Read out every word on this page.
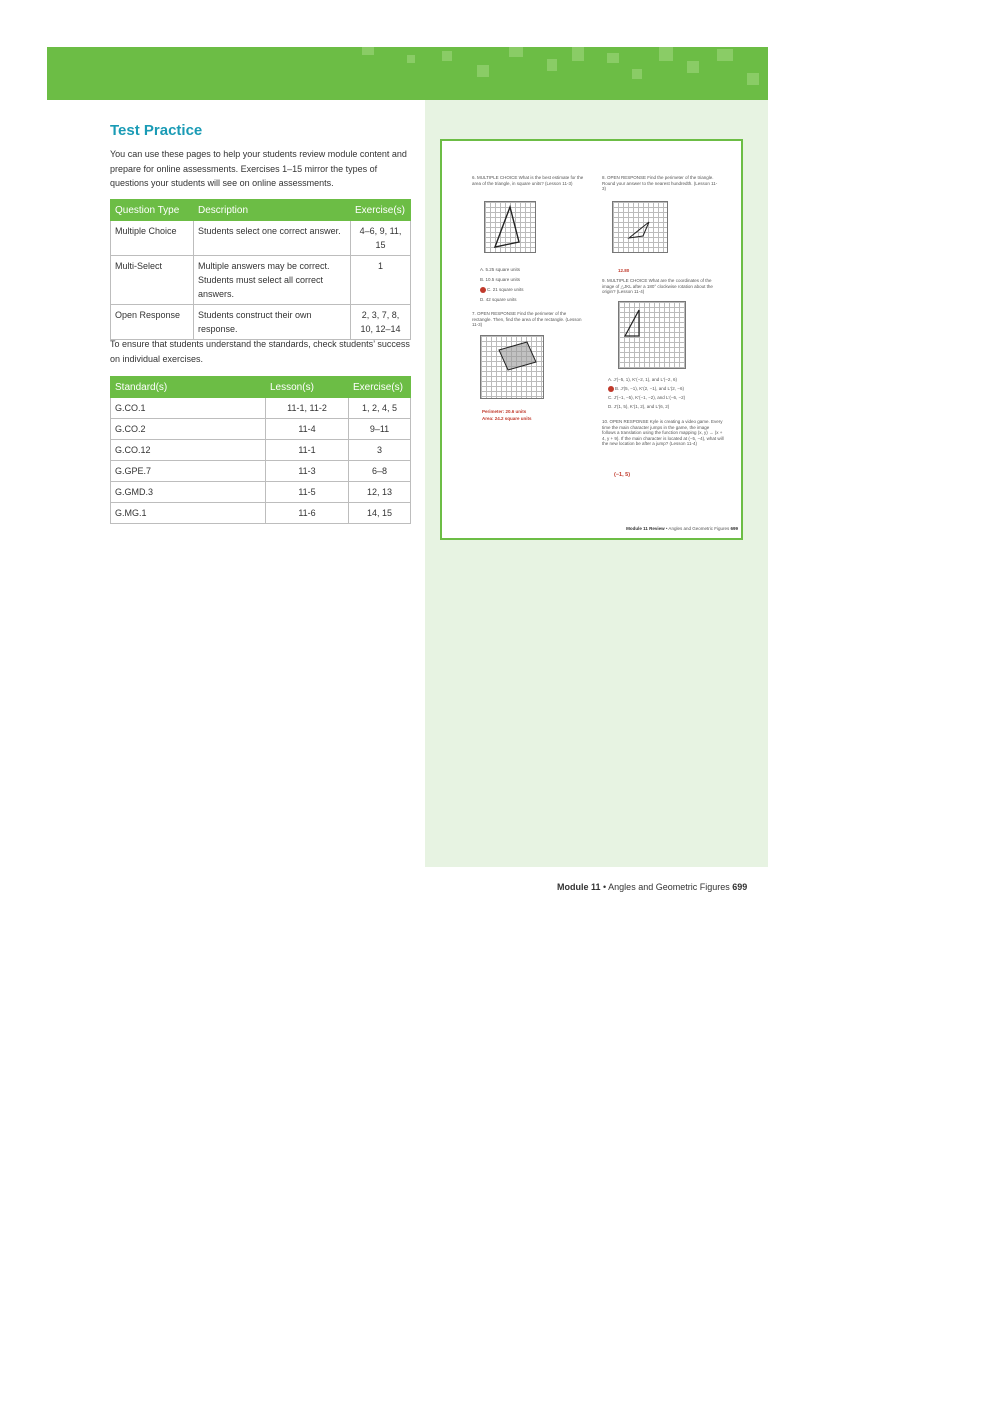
Test Practice
You can use these pages to help your students review module content and prepare for online assessments. Exercises 1–15 mirror the types of questions your students will see on online assessments.
Question Type	Description	Exercise(s)
Multiple Choice	Students select one correct answer.	4–6, 9, 11, 15
Multi-Select	Multiple answers may be correct. Students must select all correct answers.	1
Open Response	Students construct their own response.	2, 3, 7, 8, 10, 12–14
To ensure that students understand the standards, check students’ success on individual exercises.
Standard(s)	Lesson(s)	Exercise(s)
G.CO.1	11-1, 11-2	1, 2, 4, 5
G.CO.2	11-4	9–11
G.CO.12	11-1	3
G.GPE.7	11-3	6–8
G.GMD.3	11-5	12, 13
G.MG.1	11-6	14, 15
6. MULTIPLE CHOICE What is the best estimate for the area of the triangle, in square units? (Lesson 11-3)
A. 5.25 square units
B. 10.5 square units
C. 21 square units
D. 42 square units
7. OPEN RESPONSE Find the perimeter of the rectangle. Then, find the area of the rectangle. (Lesson 11-3)
Perimeter: 20.6 units
Area: 24.2 square units
8. OPEN RESPONSE Find the perimeter of the triangle. Round your answer to the nearest hundredth. (Lesson 11-3)
12.80
9. MULTIPLE CHOICE What are the coordinates of the image of △JKL after a 180° clockwise rotation about the origin? (Lesson 11-4)
A. J′(−5, 1), K′(−2, 1), and L′(−2, 6)
B. J′(5, −1), K′(2, −1), and L′(2, −6)
C. J′(−1, −5), K′(−1, −2), and L′(−6, −2)
D. J′(1, 5), K′(1, 2), and L′(6, 2)
10. OPEN RESPONSE Kyle is creating a video game. Every time the main character jumps in the game, the image follows a translation using the function mapping (x, y) → (x + 4, y + 9). If the main character is located at (−5, −4), what will the new location be after a jump? (Lesson 11-4)
(−1, 5)
Module 11 Review • Angles and Geometric Figures 699
Module 11 • Angles and Geometric Figures 699
